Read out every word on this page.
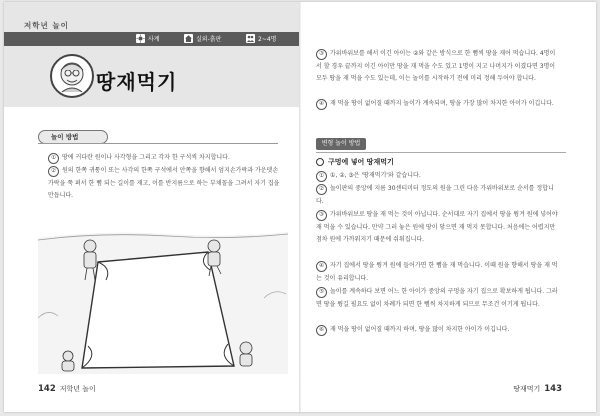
저학년 놀이
사계	실외-흙판	2~4명
땅재먹기
놀이 방법
① 땅에 커다란 원이나 사각형을 그리고 각자 한 구석씩 차지합니다.
② 원의 한쪽 귀퉁이 또는 사각의 한쪽 구석에서 안쪽을 향해서 엄지손가락과 가운뎃손가락을 쭉 펴서 한 뼘 되는 길이를 재고, 이를 반지름으로 하는 부채꼴을 그려서 자기 집을 만듭니다.
142 저학년 놀이
③ 가위바위보를 해서 이긴 아이는 ②와 같은 방식으로 한 뼘씩 땅을 재어 먹습니다. 4명이서 할 경우 끝까지 이긴 아이만 땅을 재 먹을 수도 있고 1명이 지고 나머지가 이겼다면 3명이 모두 땅을 재 먹을 수도 있는데, 이는 놀이를 시작하기 전에 미리 정해 두어야 합니다.
④ 재 먹을 땅이 없어질 때까지 놀이가 계속되며, 땅을 가장 많이 차지한 아이가 이깁니다.
변형 놀이 방법
구멍에 넣어 땅재먹기
① ①, ②, ③은 '땅재먹기'와 같습니다.
② 놀이판의 중앙에 지름 30센티미터 정도의 원을 그린 다음 가위바위보로 순서를 정합니다.
③ 가위바위보로 땅을 재 먹는 것이 아닙니다. 순서대로 자기 집에서 땅을 튕겨 원에 넣어야 재 먹을 수 있습니다. 만약 그러 놓은 원에 땅이 닿으면 재 먹지 못합니다. 처음에는 어렵지만 점차 원에 가까워지기 때문에 쉬워집니다.
④ 자기 집에서 땅을 튕겨 원에 들어가면 한 뼘을 재 먹습니다. 이때 원을 향해서 땅을 재 먹는 것이 유리합니다.
⑤ 놀이를 계속하다 보면 어느 한 아이가 중앙의 구멍을 자기 집으로 확보하게 됩니다. 그러면 땅을 튕길 필요도 없이 차례가 되면 한 뼘씩 차지하게 되므로 무조건 이기게 됩니다.
⑥ 재 먹을 땅이 없어질 때까지 하며, 땅을 많이 차지한 아이가 이깁니다.
땅재먹기 143
